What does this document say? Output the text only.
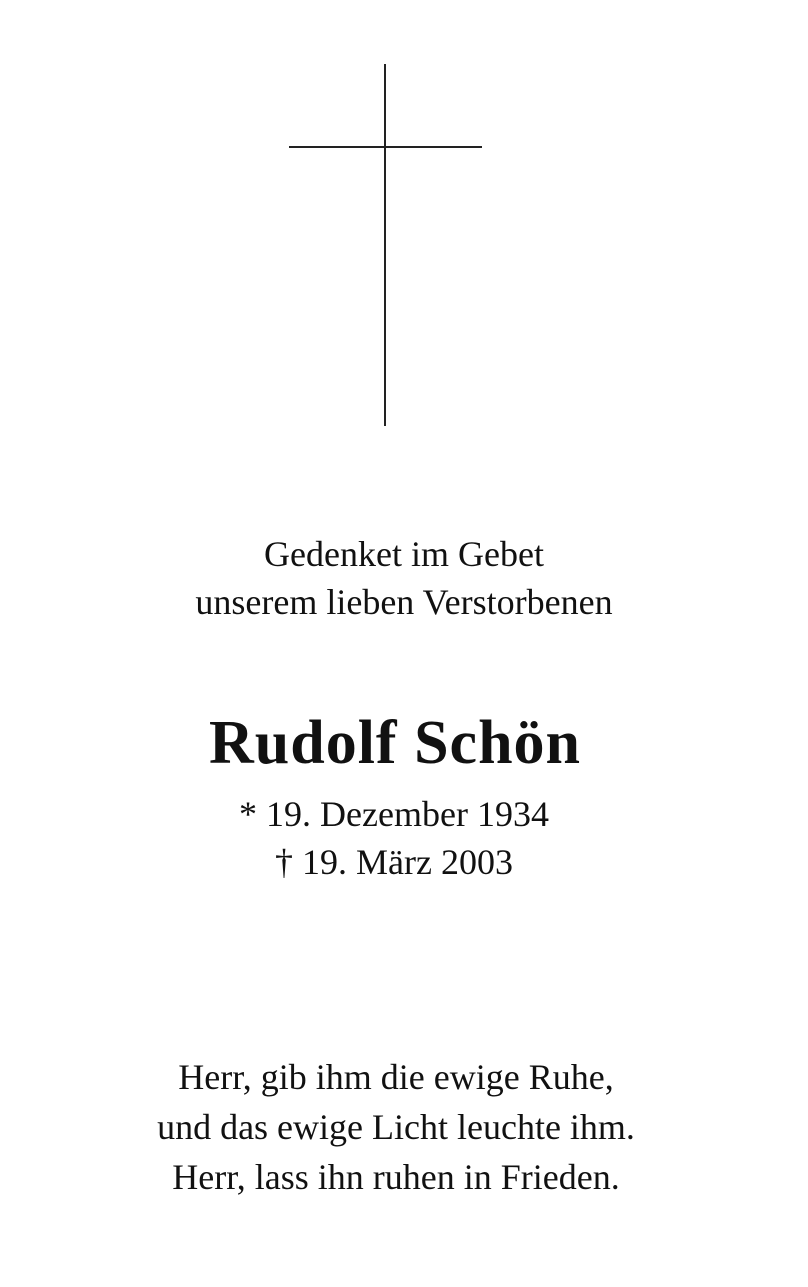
Gedenket im Gebet
unserem lieben Verstorbenen
Rudolf Schön
* 19. Dezember 1934
† 19. März 2003
Herr, gib ihm die ewige Ruhe,
und das ewige Licht leuchte ihm.
Herr, lass ihn ruhen in Frieden.
